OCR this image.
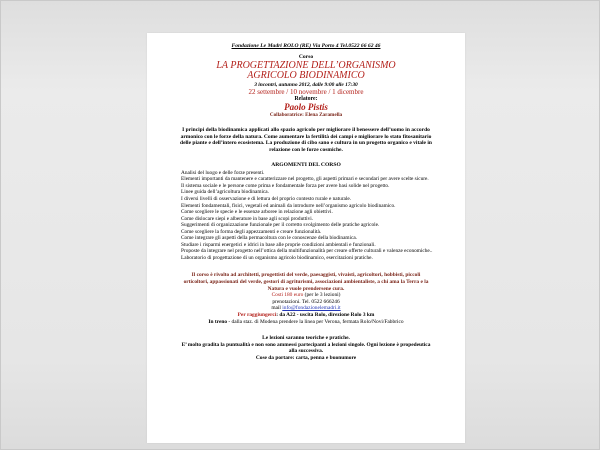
Fondazione Le Madri ROLO (RE) Via Porto 4 Tel.0522 66 62 46

Corso

LA PROGETTAZIONE DELL’ORGANISMO
AGRICOLO BIODINAMICO

3 incontri, autunno 2012, dalle 9:00 alle 17:30

22 settembre / 10 novembre / 1 dicembre

Relatore:

Paolo Pistis

Collaboratrice: Elena Zaramella

I principi della biodinamica applicati allo spazio agricolo per migliorare il benessere dell’uomo in accordo armonico con le forze della natura. Come aumentare la fertilità dei campi e migliorare lo stato fitosanitario delle piante e dell’intero ecosistema. La produzione di cibo sano e cultura in un progetto organico e vitale in relazione con le forze cosmiche.

ARGOMENTI DEL CORSO

Analisi del luogo e delle forze presenti.
Elementi importanti da mantenere e caratterizzare nel progetto, gli aspetti primari e secondari per avere scelte sicure.
Il sistema sociale e le persone come prima e fondamentale forza per avere basi solide nel progetto.
Linee guida dell’agricoltura biodinamica.
I diversi livelli di osservazione e di lettura del proprio contesto rurale e naturale.
Elementi fondamentali, fisici, vegetali ed animali da introdurre nell’organismo agricolo biodinamico.
Come scegliere le specie e le essenze arboree in relazione agli obiettivi.
Come dislocare siepi e alberature in base agli scopi produttivi.
Suggerimenti di organizzazione funzionale per il corretto svolgimento delle pratiche agricole.
Come scegliere la forma degli appezzamenti e creare funzionalità.
Come integrare gli aspetti della permacoltura con le conoscenze della biodinamica.
Studiare i risparmi energetici e idrici in base alle proprie condizioni ambientali e funzionali.
Proposte da integrare nel progetto nell’ottica della multifunzionalità per creare offerte culturali e valenze economiche..
Laboratorio di progettazione di un organismo agricolo biodinamico, esercitazioni pratiche.

Il corso è rivolto ad architetti, progettisti del verde, paesaggisti, vivaisti, agricoltori, hobbisti, piccoli orticoltori, appassionati del verde, gestori di agriturismi, associazioni ambientaliste, a chi ama la Terra e la Natura e vuole prendersene cura.

Costi 180 euro (per le 3 lezioni)

prenotazioni. Tel. 0522 666246

mail info@fondazionelemadri.it

Per raggiungerci: da A22 - uscita Rolo, direzione Rolo 3 km

In treno - dalla staz. di Modena prendere la linea per Verona, fermata Rolo/Novi/Fabbrico

Le lezioni saranno teoriche e pratiche.

E’ molto gradita la puntualità e non sono ammessi partecipanti a lezioni singole. Ogni lezione è propedeutica alla successiva.

Cose da portare: carta, penna e buonumore
